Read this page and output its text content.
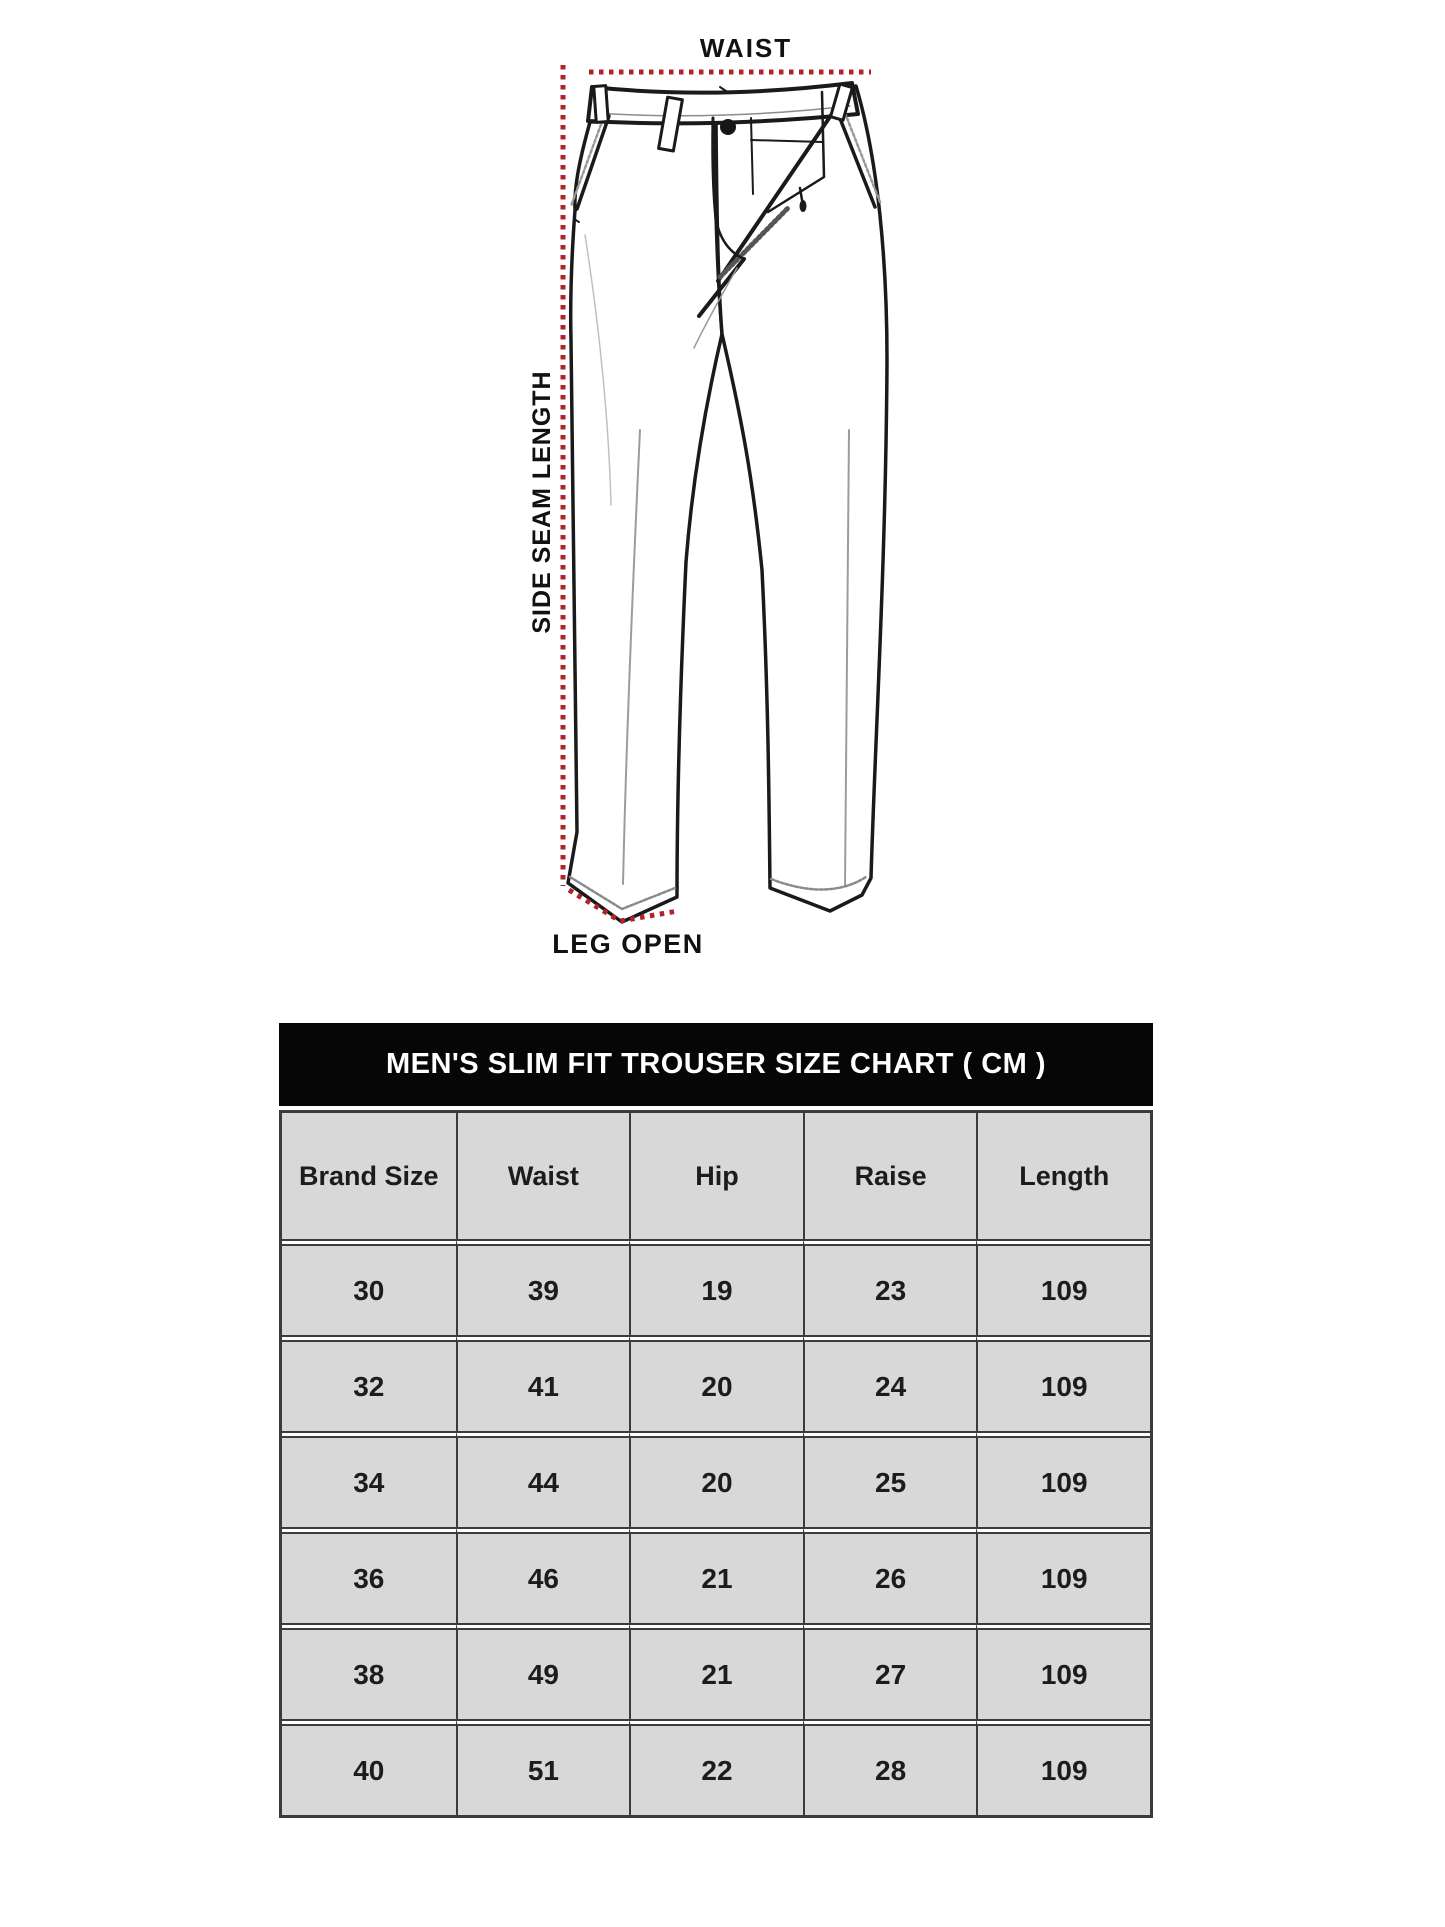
WAIST
SIDE SEAM LENGTH
LEG OPEN
MEN'S SLIM FIT TROUSER SIZE CHART ( CM )
Brand Size	Waist	Hip	Raise	Length
30	39	19	23	109
32	41	20	24	109
34	44	20	25	109
36	46	21	26	109
38	49	21	27	109
40	51	22	28	109
